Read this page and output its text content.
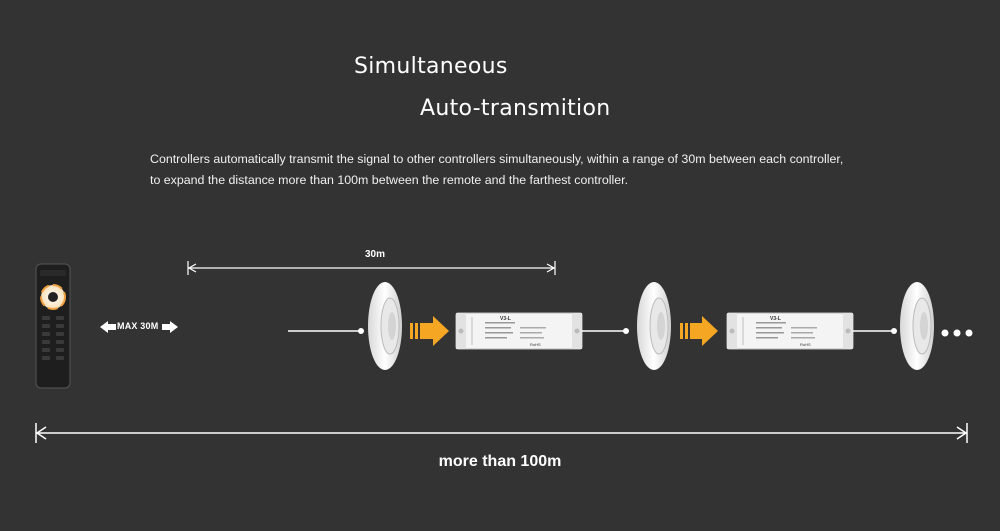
Simultaneous
Auto-transmition
Controllers automatically transmit the signal to other controllers simultaneously, within a range of 30m between each controller,
to expand the distance more than 100m between the remote and the farthest controller.
V3-L
RoHS
V3-L
RoHS
30m
MAX 30M
more than 100m
